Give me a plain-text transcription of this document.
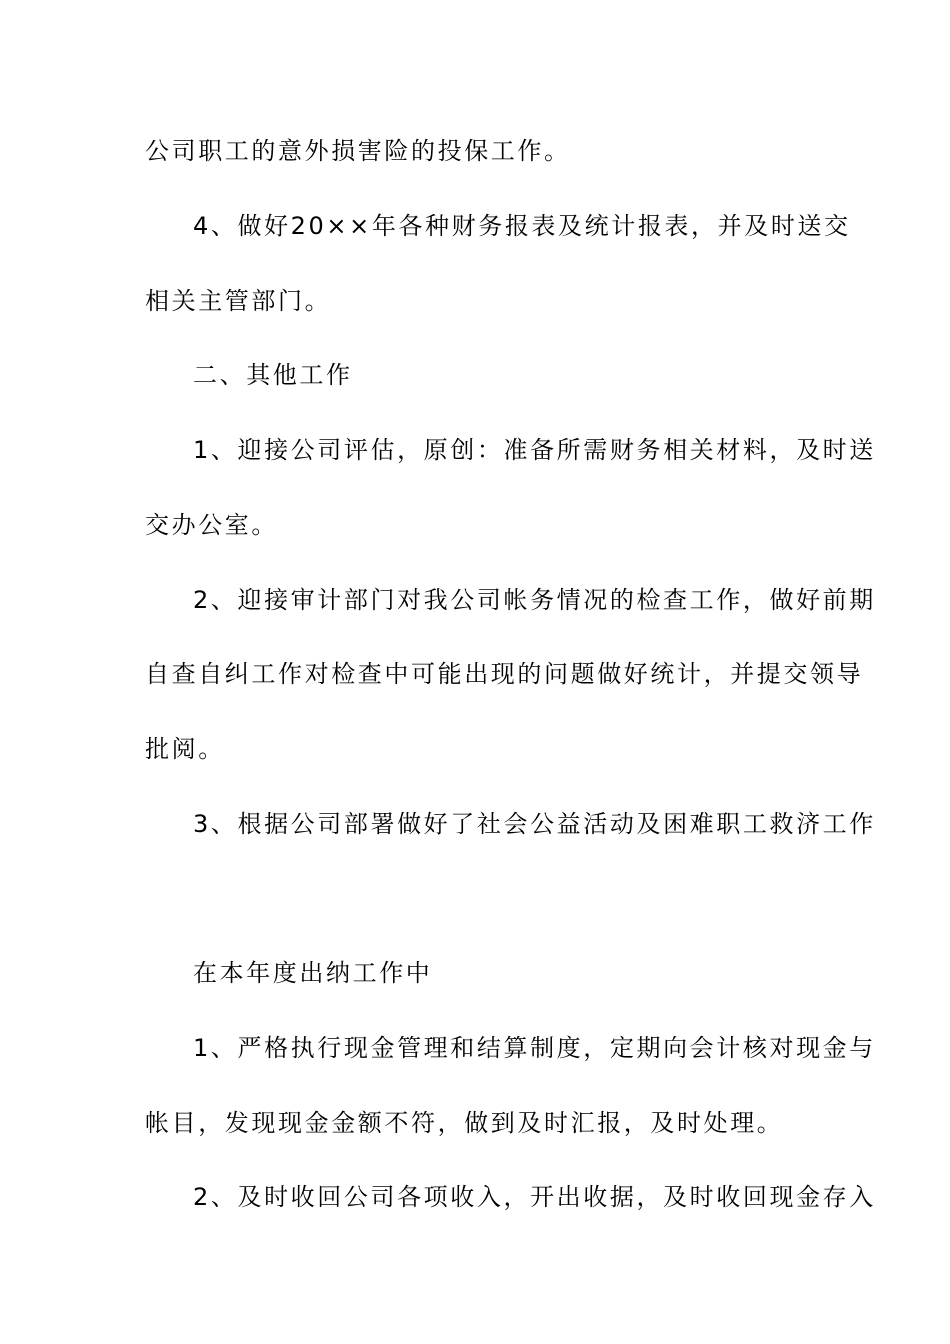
公司职工的意外损害险的投保工作。

4、做好20××年各种财务报表及统计报表，并及时送交

相关主管部门。

二、其他工作

1、迎接公司评估，原创：准备所需财务相关材料，及时送

交办公室。

2、迎接审计部门对我公司帐务情况的检查工作，做好前期

自查自纠工作对检查中可能出现的问题做好统计，并提交领导

批阅。

3、根据公司部署做好了社会公益活动及困难职工救济工作

在本年度出纳工作中

1、严格执行现金管理和结算制度，定期向会计核对现金与

帐目，发现现金金额不符，做到及时汇报，及时处理。

2、及时收回公司各项收入，开出收据，及时收回现金存入
